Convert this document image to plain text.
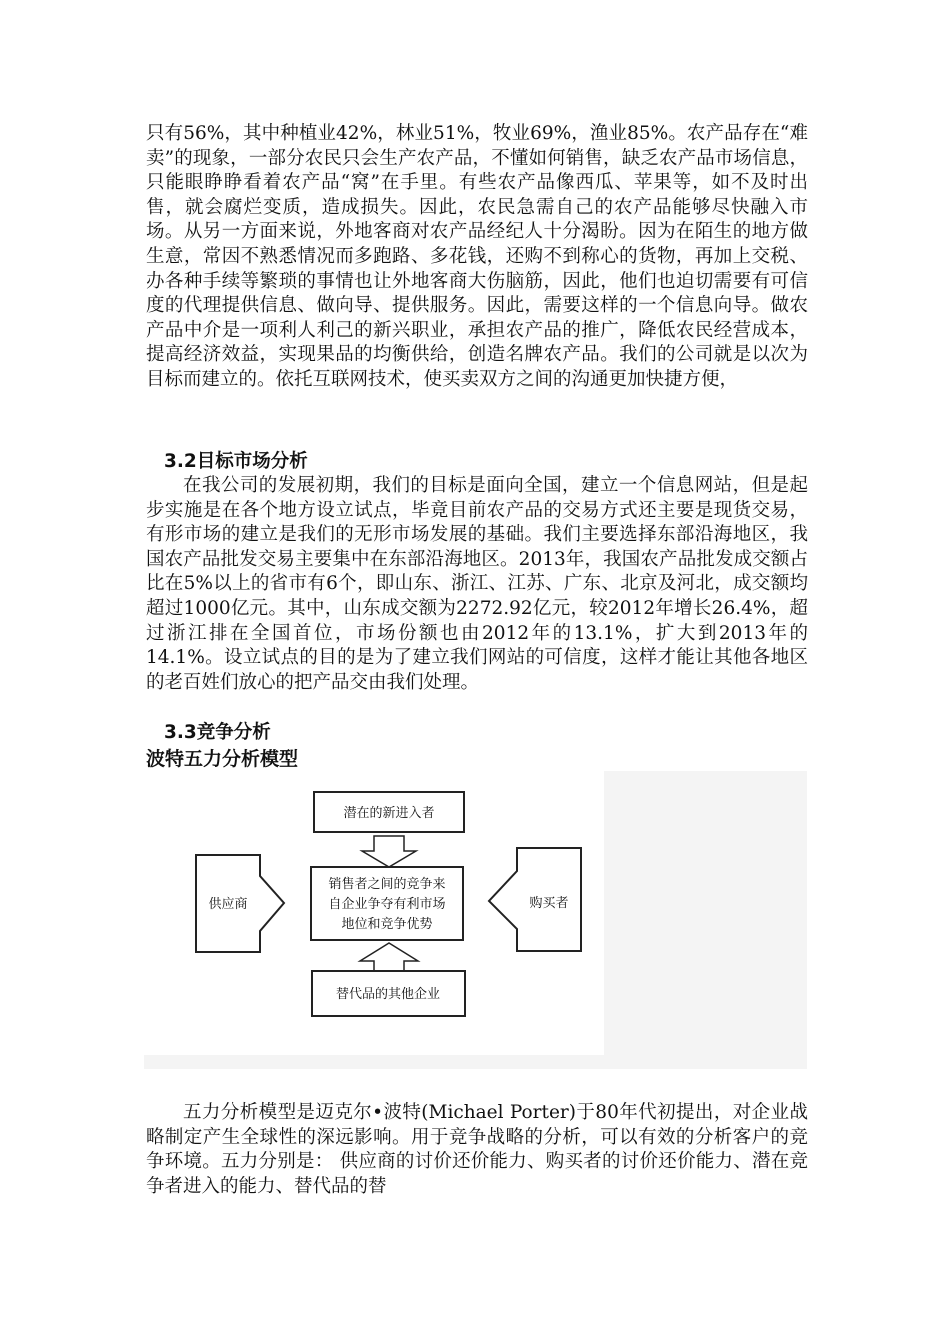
只有56%，其中种植业42%，林业51%，牧业69%，渔业85%。农产品存在“难卖”的现象，一部分农民只会生产农产品，不懂如何销售，缺乏农产品市场信息，只能眼睁睁看着农产品“窝”在手里。有些农产品像西瓜、苹果等，如不及时出售，就会腐烂变质，造成损失。因此，农民急需自己的农产品能够尽快融入市场。从另一方面来说，外地客商对农产品经纪人十分渴盼。因为在陌生的地方做生意，常因不熟悉情况而多跑路、多花钱，还购不到称心的货物，再加上交税、办各种手续等繁琐的事情也让外地客商大伤脑筋，因此，他们也迫切需要有可信度的代理提供信息、做向导、提供服务。因此，需要这样的一个信息向导。做农产品中介是一项利人利己的新兴职业，承担农产品的推广，降低农民经营成本，提高经济效益，实现果品的均衡供给，创造名牌农产品。我们的公司就是以次为目标而建立的。依托互联网技术，使买卖双方之间的沟通更加快捷方便，

3.2目标市场分析

在我公司的发展初期，我们的目标是面向全国，建立一个信息网站，但是起步实施是在各个地方设立试点，毕竟目前农产品的交易方式还主要是现货交易，有形市场的建立是我们的无形市场发展的基础。我们主要选择东部沿海地区，我国农产品批发交易主要集中在东部沿海地区。2013年，我国农产品批发成交额占比在5%以上的省市有6个，即山东、浙江、江苏、广东、北京及河北，成交额均超过1000亿元。其中，山东成交额为2272.92亿元，较2012年增长26.4%，超过浙江排在全国首位，市场份额也由2012年的13.1%，扩大到2013年的14.1%。设立试点的目的是为了建立我们网站的可信度，这样才能让其他各地区的老百姓们放心的把产品交由我们处理。

3.3竞争分析
波特五力分析模型
潜在的新进入者
销售者之间的竞争来
自企业争夺有利市场
地位和竞争优势
供应商	购买者
替代品的其他企业

五力分析模型是迈克尔•波特(Michael Porter)于80年代初提出，对企业战略制定产生全球性的深远影响。用于竞争战略的分析，可以有效的分析客户的竞争环境。五力分别是： 供应商的讨价还价能力、购买者的讨价还价能力、潜在竞争者进入的能力、替代品的替
